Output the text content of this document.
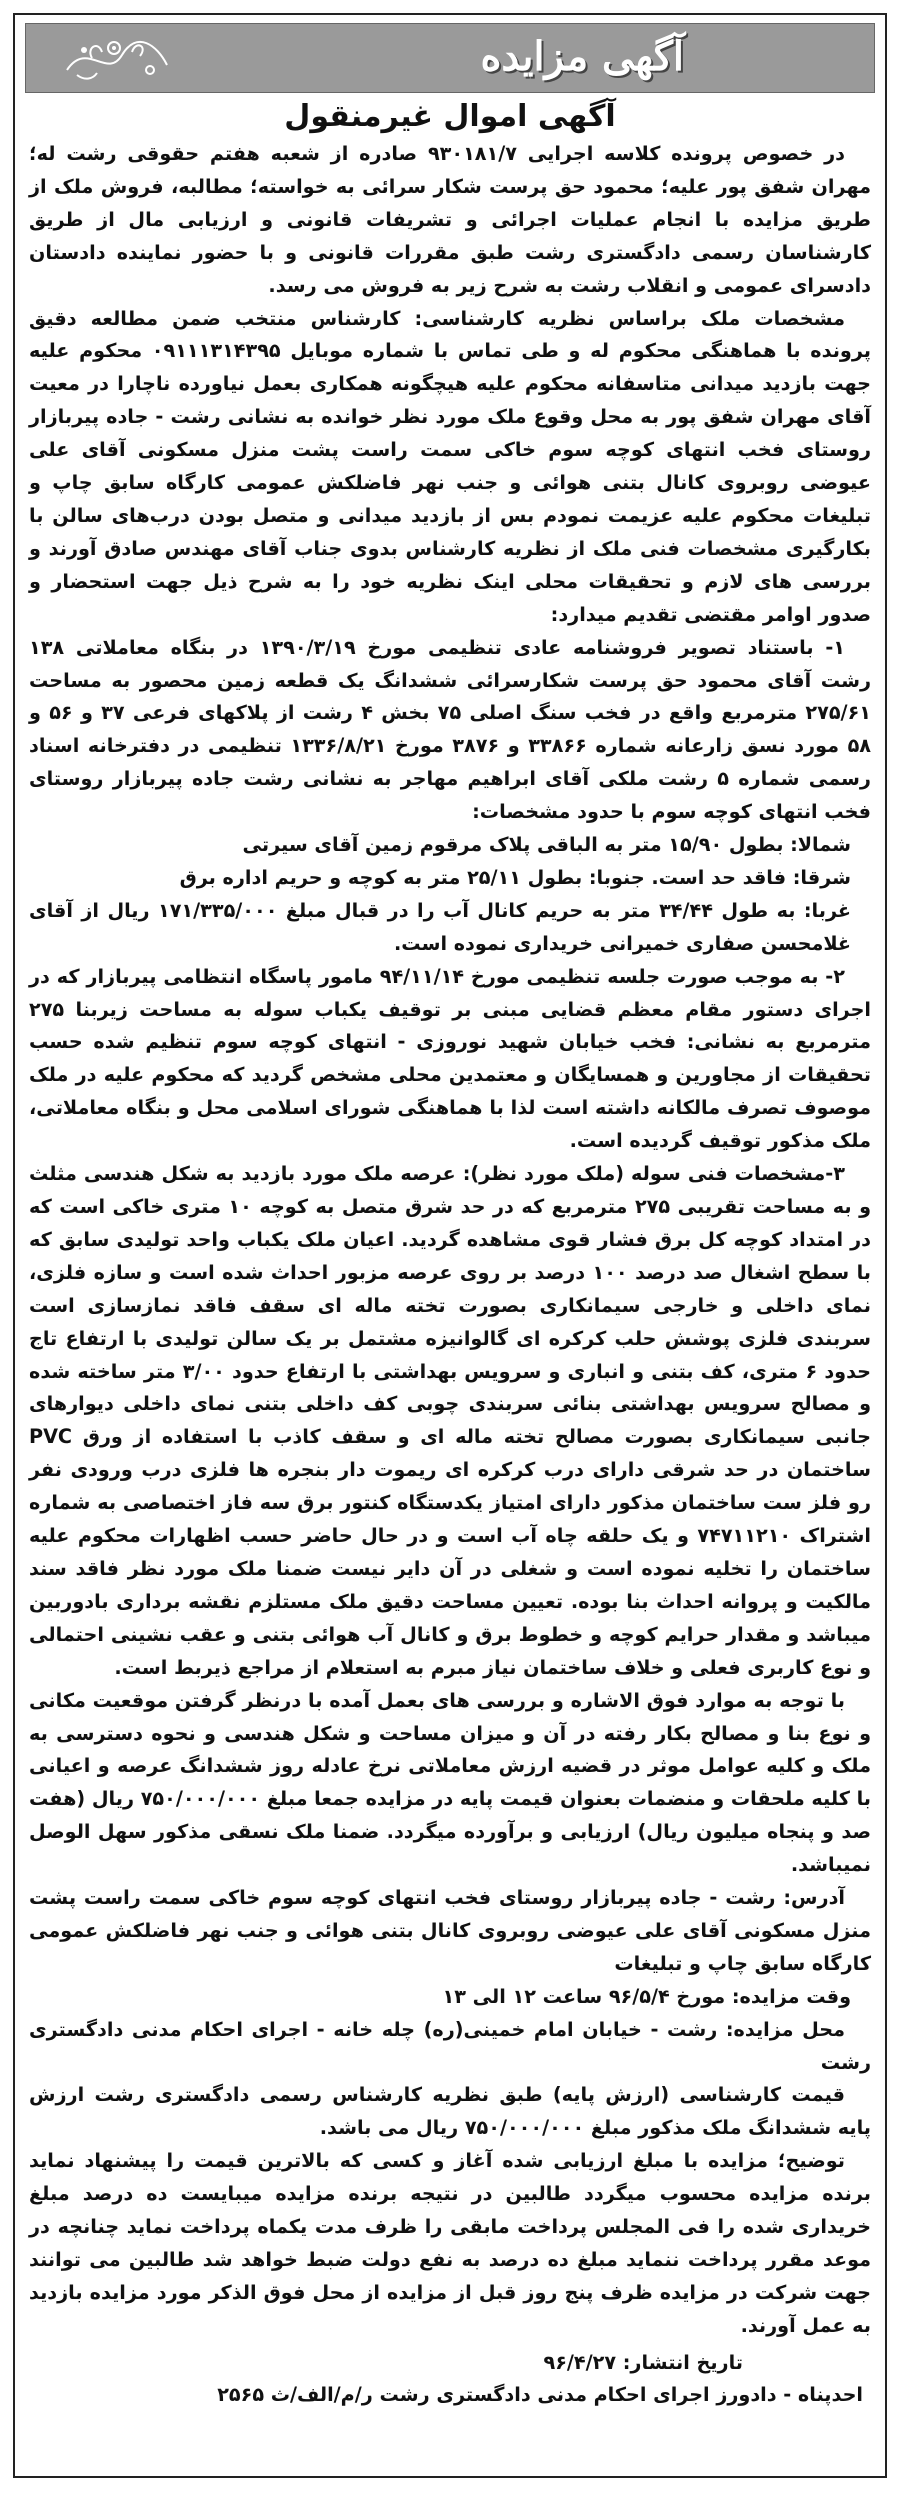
آگهی مزایده
آگهی اموال غیرمنقول

در خصوص پرونده کلاسه اجرایی ۹۳۰۱۸۱/۷ صادره از شعبه هفتم حقوقی رشت له؛ مهران شفق پور علیه؛ محمود حق پرست شکار سرائی به خواسته؛ مطالبه، فروش ملک از طریق مزایده با انجام عملیات اجرائی و تشریفات قانونی و ارزیابی مال از طریق کارشناسان رسمی دادگستری رشت طبق مقررات قانونی و با حضور نماینده دادستان دادسرای عمومی و انقلاب رشت به شرح زیر به فروش می رسد.

مشخصات ملک براساس نظریه کارشناسی: کارشناس منتخب ضمن مطالعه دقیق پرونده با هماهنگی محکوم له و طی تماس با شماره موبایل ۰۹۱۱۱۳۱۴۳۹۵ محکوم علیه جهت بازدید میدانی متاسفانه محکوم علیه هیچگونه همکاری بعمل نیاورده ناچارا در معیت آقای مهران شفق پور به محل وقوع ملک مورد نظر خوانده به نشانی رشت - جاده پیربازار روستای فخب انتهای کوچه سوم خاکی سمت راست پشت منزل مسکونی آقای علی عیوضی روبروی کانال بتنی هوائی و جنب نهر فاضلکش عمومی کارگاه سابق چاپ و تبلیغات محکوم علیه عزیمت نمودم بس از بازدید میدانی و متصل بودن درب‌های سالن با بکارگیری مشخصات فنی ملک از نظریه کارشناس بدوی جناب آقای مهندس صادق آورند و بررسی های لازم و تحقیقات محلی اینک نظریه خود را به شرح ذیل جهت استحضار و صدور اوامر مقتضی تقدیم میدارد:

۱- باستناد تصویر فروشنامه عادی تنظیمی مورخ ۱۳۹۰/۳/۱۹ در بنگاه معاملاتی ۱۳۸ رشت آقای محمود حق پرست شکارسرائی ششدانگ یک قطعه زمین محصور به مساحت ۲۷۵/۶۱ مترمربع واقع در فخب سنگ اصلی ۷۵ بخش ۴ رشت از پلاکهای فرعی ۳۷ و ۵۶ و ۵۸ مورد نسق زارعانه شماره ۳۳۸۶۶ و ۳۸۷۶ مورخ ۱۳۳۶/۸/۲۱ تنظیمی در دفترخانه اسناد رسمی شماره ۵ رشت ملکی آقای ابراهیم مهاجر به نشانی رشت جاده پیربازار روستای فخب انتهای کوچه سوم با حدود مشخصات:

شمالا: بطول ۱۵/۹۰ متر به الباقی پلاک مرقوم زمین آقای سیرتی

شرقا: فاقد حد است. جنوبا: بطول ۲۵/۱۱ متر به کوچه و حریم اداره برق

غربا: به طول ۳۴/۴۴ متر به حریم کانال آب را در قبال مبلغ ۱۷۱/۳۳۵/۰۰۰ ریال از آقای غلامحسن صفاری خمیرانی خریداری نموده است.

۲- به موجب صورت جلسه تنظیمی مورخ ۹۴/۱۱/۱۴ مامور پاسگاه انتظامی پیربازار که در اجرای دستور مقام معظم قضایی مبنی بر توقیف یکباب سوله به مساحت زیربنا ۲۷۵ مترمربع به نشانی: فخب خیابان شهید نوروزی - انتهای کوچه سوم تنظیم شده حسب تحقیقات از مجاورین و همسایگان و معتمدین محلی مشخص گردید که محکوم علیه در ملک موصوف تصرف مالکانه داشته است لذا با هماهنگی شورای اسلامی محل و بنگاه معاملاتی، ملک مذکور توقیف گردیده است.

۳-مشخصات فنی سوله (ملک مورد نظر): عرصه ملک مورد بازدید به شکل هندسی مثلث و به مساحت تقریبی ۲۷۵ مترمربع که در حد شرق متصل به کوچه ۱۰ متری خاکی است که در امتداد کوچه کل برق فشار قوی مشاهده گردید. اعیان ملک یکباب واحد تولیدی سابق که با سطح اشغال صد درصد ۱۰۰ درصد بر روی عرصه مزبور احداث شده است و سازه فلزی، نمای داخلی و خارجی سیمانکاری بصورت تخته ماله ای سقف فاقد نمازسازی است سربندی فلزی پوشش حلب کرکره ای گالوانیزه مشتمل بر یک سالن تولیدی با ارتفاع تاج حدود ۶ متری، کف بتنی و انباری و سرویس بهداشتی با ارتفاع حدود ۳/۰۰ متر ساخته شده و مصالح سرویس بهداشتی بنائی سربندی چوبی کف داخلی بتنی نمای داخلی دیوارهای جانبی سیمانکاری بصورت مصالح تخته ماله ای و سقف کاذب با استفاده از ورق PVC ساختمان در حد شرقی دارای درب کرکره ای ریموت دار بنجره ها فلزی درب ورودی نفر رو فلز ست ساختمان مذکور دارای امتیاز یکدستگاه کنتور برق سه فاز اختصاصی به شماره اشتراک ۷۴۷۱۱۲۱۰ و یک حلقه چاه آب است و در حال حاضر حسب اظهارات محکوم علیه ساختمان را تخلیه نموده است و شغلی در آن دایر نیست ضمنا ملک مورد نظر فاقد سند مالکیت و پروانه احداث بنا بوده. تعیین مساحت دقیق ملک مستلزم نقشه برداری بادوربین میباشد و مقدار حرایم کوچه و خطوط برق و کانال آب هوائی بتنی و عقب نشینی احتمالی و نوع کاربری فعلی و خلاف ساختمان نیاز مبرم به استعلام از مراجع ذیربط است.

با توجه به موارد فوق الاشاره و بررسی های بعمل آمده با درنظر گرفتن موقعیت مکانی و نوع بنا و مصالح بکار رفته در آن و میزان مساحت و شکل هندسی و نحوه دسترسی به ملک و کلیه عوامل موثر در قضیه ارزش معاملاتی نرخ عادله روز ششدانگ عرصه و اعیانی با کلیه ملحقات و منضمات بعنوان قیمت پایه در مزایده جمعا مبلغ ۷۵۰/۰۰۰/۰۰۰ ریال (هفت صد و پنجاه میلیون ریال) ارزیابی و برآورده میگردد. ضمنا ملک نسقی مذکور سهل الوصل نمیباشد.

آدرس: رشت - جاده پیربازار روستای فخب انتهای کوچه سوم خاکی سمت راست پشت منزل مسکونی آقای علی عیوضی روبروی کانال بتنی هوائی و جنب نهر فاضلکش عمومی کارگاه سابق چاپ و تبلیغات

وقت مزایده: مورخ ۹۶/۵/۴ ساعت ۱۲ الی ۱۳

محل مزایده: رشت - خیابان امام خمینی(ره) چله خانه - اجرای احکام مدنی دادگستری رشت

قیمت کارشناسی (ارزش پایه) طبق نظریه کارشناس رسمی دادگستری رشت ارزش پایه ششدانگ ملک مذکور مبلغ ۷۵۰/۰۰۰/۰۰۰ ریال می باشد.

توضیح؛ مزایده با مبلغ ارزیابی شده آغاز و کسی که بالاترین قیمت را پیشنهاد نماید برنده مزایده محسوب میگردد طالبین در نتیجه برنده مزایده میبایست ده درصد مبلغ خریداری شده را فی المجلس پرداخت مابقی را ظرف مدت یکماه پرداخت نماید چنانچه در موعد مقرر پرداخت ننماید مبلغ ده درصد به نفع دولت ضبط خواهد شد طالبین می توانند جهت شرکت در مزایده ظرف پنج روز قبل از مزایده از محل فوق الذکر مورد مزایده بازدید به عمل آورند.

تاریخ انتشار: ۹۶/۴/۲۷
احدپناه - دادورز اجرای احکام مدنی دادگستری رشت ر/م/الف/ث ۲۵۶۵
